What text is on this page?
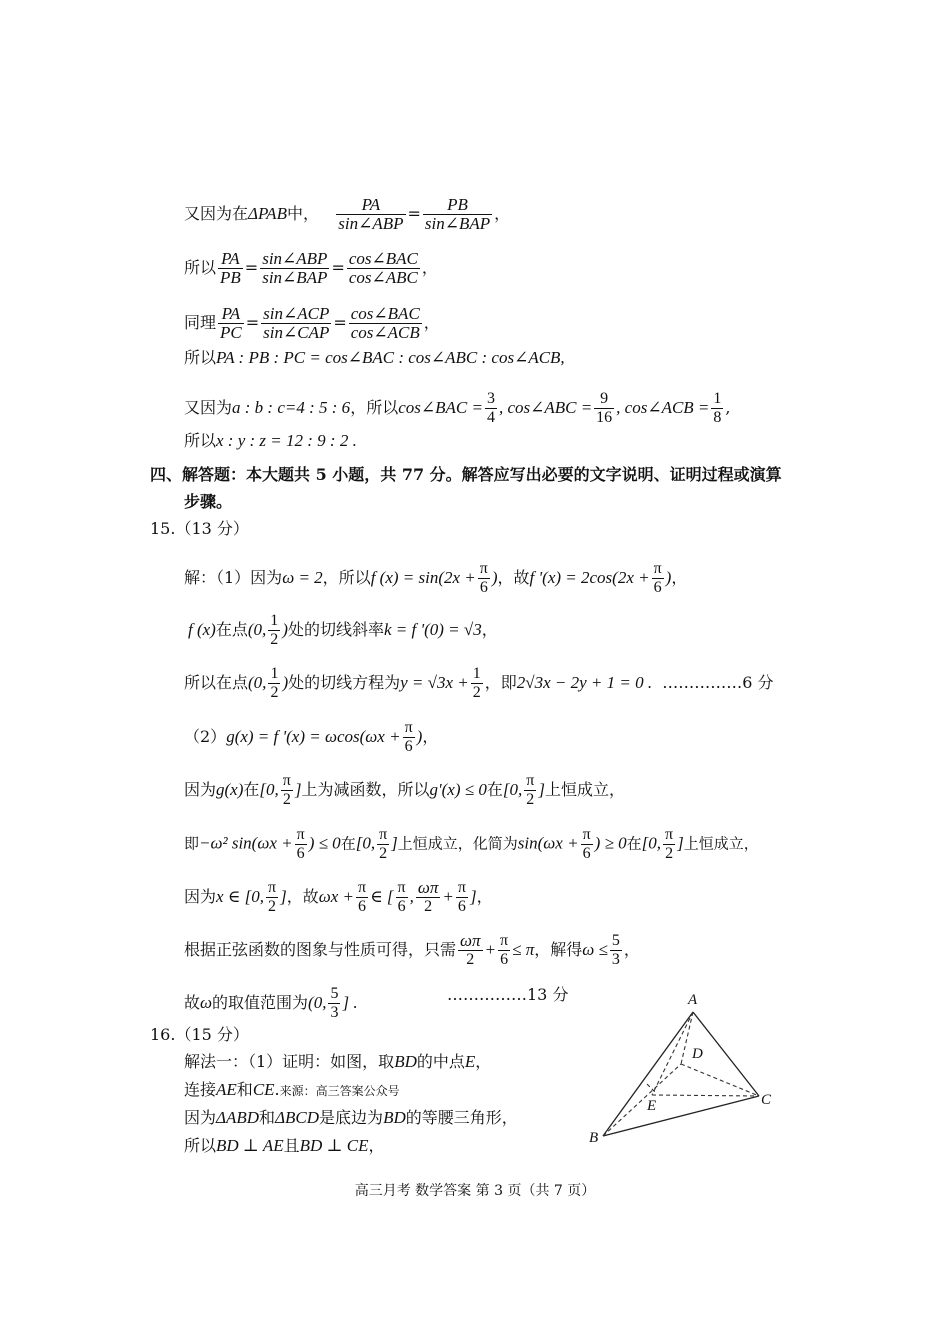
又因为在ΔPAB中， $\frac{PA}{\text{sin∠ABP}} = \frac{PB}{\text{sin∠BAP}}$ ，
所以 $\frac{PA}{PB} = \frac{\text{sin∠ABP}}{\text{sin∠BAP}} = \frac{\text{cos∠BAC}}{\text{cos∠ABC}}$ ，
同理 $\frac{PA}{PC} = \frac{\text{sin∠ACP}}{\text{sin∠CAP}} = \frac{\text{cos∠BAC}}{\text{cos∠ACB}}$ ，
所以PA : PB : PC = cos∠BAC : cos∠ABC : cos∠ACB,
又因为a : b : c=4 : 5 : 6，所以cos∠BAC = $\frac{3}{4}$ , cos∠ABC = $\frac{9}{16}$ , cos∠ACB = $\frac{1}{8}$ ,
所以x : y : z = 12 : 9 : 2 .
四、解答题：本大题共 5 小题，共 77 分。解答应写出必要的文字说明、证明过程或演算
步骤。
15.（13 分）
解：（1）因为ω = 2，所以f $(x) = \sin(2x + \frac{\pi}{6}$ )，故f '$(x) = 2\cos(2x + \frac{\pi}{6}$ )，
f (x)在点(0, $\frac{1}{2}$ )处的切线斜率k = f '(0) = √3，
所以在点(0, $\frac{1}{2}$ )处的切线方程为$y = √3x + \frac{1}{2}$ ，即2√3x − 2y + 1 = 0 . ……………6 分
（2）g(x) = f '$(x) = \omega\cos(\omega x + \frac{\pi}{6}$ )，
因为g(x)在[0, $\frac{\pi}{2}$ ]上为减函数，所以g'(x) ≤ 0在[0, $\frac{\pi}{2}$ ]上恒成立，
即−ω² $\sin(\omega x + \frac{\pi}{6}$ ) ≤ 0在[0, $\frac{\pi}{2}$ ]上恒成立，化简为$\sin(\omega x + \frac{\pi}{6}$ ) ≥ 0在[0, $\frac{\pi}{2}$ ]上恒成立，
因为x ∈ [0, $\frac{\pi}{2}$ ]，故$\omega x + \frac{\pi}{6}$ ∈ [ $\frac{\pi}{6}$ , $\frac{\omega\pi}{2} + \frac{\pi}{6}$ ]，
根据正弦函数的图象与性质可得，只需 $\frac{\omega\pi}{2} + \frac{\pi}{6} \le \pi$，解得$\omega \le \frac{5}{3}$ ，
故ω的取值范围为(0, $\frac{5}{3}$ ] .	……………13 分
16.（15 分）
解法一：（1）证明：如图，取BD的中点E，
连接AE和CE.来源：高三答案公众号
因为ΔABD和ΔBCD是底边为BD的等腰三角形，
所以BD ⊥ AE且BD ⊥ CE，
A
B
C
D
E
高三月考 数学答案 第 3 页（共 7 页）
